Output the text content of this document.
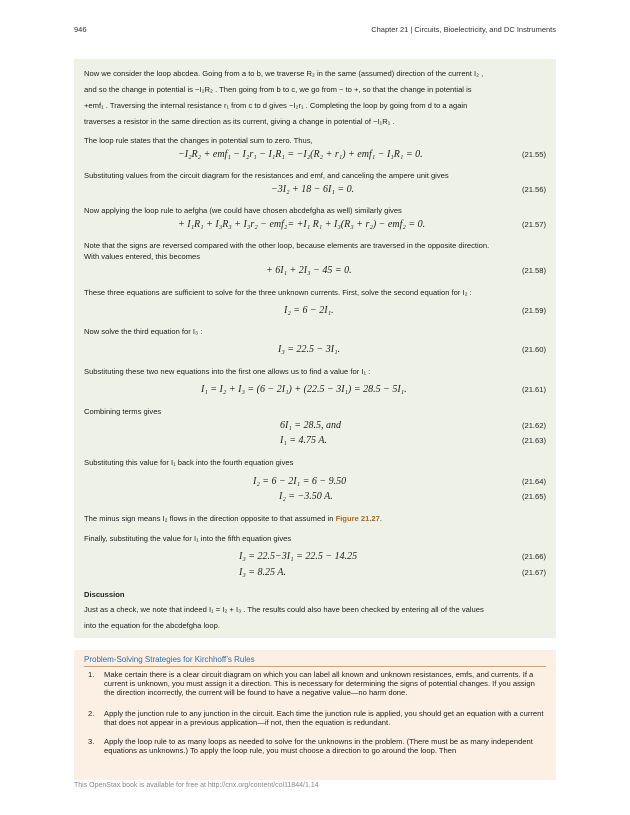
946	Chapter 21 | Circuits, Bioelectricity, and DC Instruments

Now we consider the loop abcdea. Going from a to b, we traverse R₂ in the same (assumed) direction of the current I₂ ,

and so the change in potential is −I₂R₂ . Then going from b to c, we go from − to +, so that the change in potential is

+emf₁ . Traversing the internal resistance r₁ from c to d gives −I₂r₁ . Completing the loop by going from d to a again

traverses a resistor in the same direction as its current, giving a change in potential of −I₁R₁ .

The loop rule states that the changes in potential sum to zero. Thus,

−I₂R₂ + emf₁ − I₂r₁ − I₁R₁ = −I₂(R₂ + r₁) + emf₁ − I₁R₁ = 0.	(21.55)

Substituting values from the circuit diagram for the resistances and emf, and canceling the ampere unit gives

−3I₂ + 18 − 6I₁ = 0.	(21.56)

Now applying the loop rule to aefgha (we could have chosen abcdefgha as well) similarly gives

+ I₁R₁ + I₃R₃ + I₃r₂ − emf₂= +I₁ R₁ + I₃(R₃ + r₂) − emf₂ = 0.	(21.57)

Note that the signs are reversed compared with the other loop, because elements are traversed in the opposite direction.

With values entered, this becomes

+ 6I₁ + 2I₃ − 45 = 0.	(21.58)

These three equations are sufficient to solve for the three unknown currents. First, solve the second equation for I₂ :

I₂ = 6 − 2I₁.	(21.59)

Now solve the third equation for I₃ :

I₃ = 22.5 − 3I₁.	(21.60)

Substituting these two new equations into the first one allows us to find a value for I₁ :

I₁ = I₂ + I₃ = (6 − 2I₁) + (22.5 − 3I₁) = 28.5 − 5I₁.	(21.61)

Combining terms gives

6I₁ = 28.5, and	(21.62)
I₁ = 4.75 A.	(21.63)

Substituting this value for I₁ back into the fourth equation gives

I₂ = 6 − 2I₁ = 6 − 9.50	(21.64)
I₂ = −3.50 A.	(21.65)

The minus sign means I₂ flows in the direction opposite to that assumed in Figure 21.27.

Finally, substituting the value for I₁ into the fifth equation gives

I₃ = 22.5−3I₁ = 22.5 − 14.25	(21.66)
I₃ = 8.25 A.	(21.67)

Discussion

Just as a check, we note that indeed I₁ = I₂ + I₃ . The results could also have been checked by entering all of the values

into the equation for the abcdefgha loop.

Problem-Solving Strategies for Kirchhoff’s Rules
1. Make certain there is a clear circuit diagram on which you can label all known and unknown resistances, emfs, and currents. If a current is unknown, you must assign it a direction. This is necessary for determining the signs of potential changes. If you assign the direction incorrectly, the current will be found to have a negative value—no harm done.
2. Apply the junction rule to any junction in the circuit. Each time the junction rule is applied, you should get an equation with a current that does not appear in a previous application—if not, then the equation is redundant.
3. Apply the loop rule to as many loops as needed to solve for the unknowns in the problem. (There must be as many independent equations as unknowns.) To apply the loop rule, you must choose a direction to go around the loop. Then
This OpenStax book is available for free at http://cnx.org/content/col11844/1.14
